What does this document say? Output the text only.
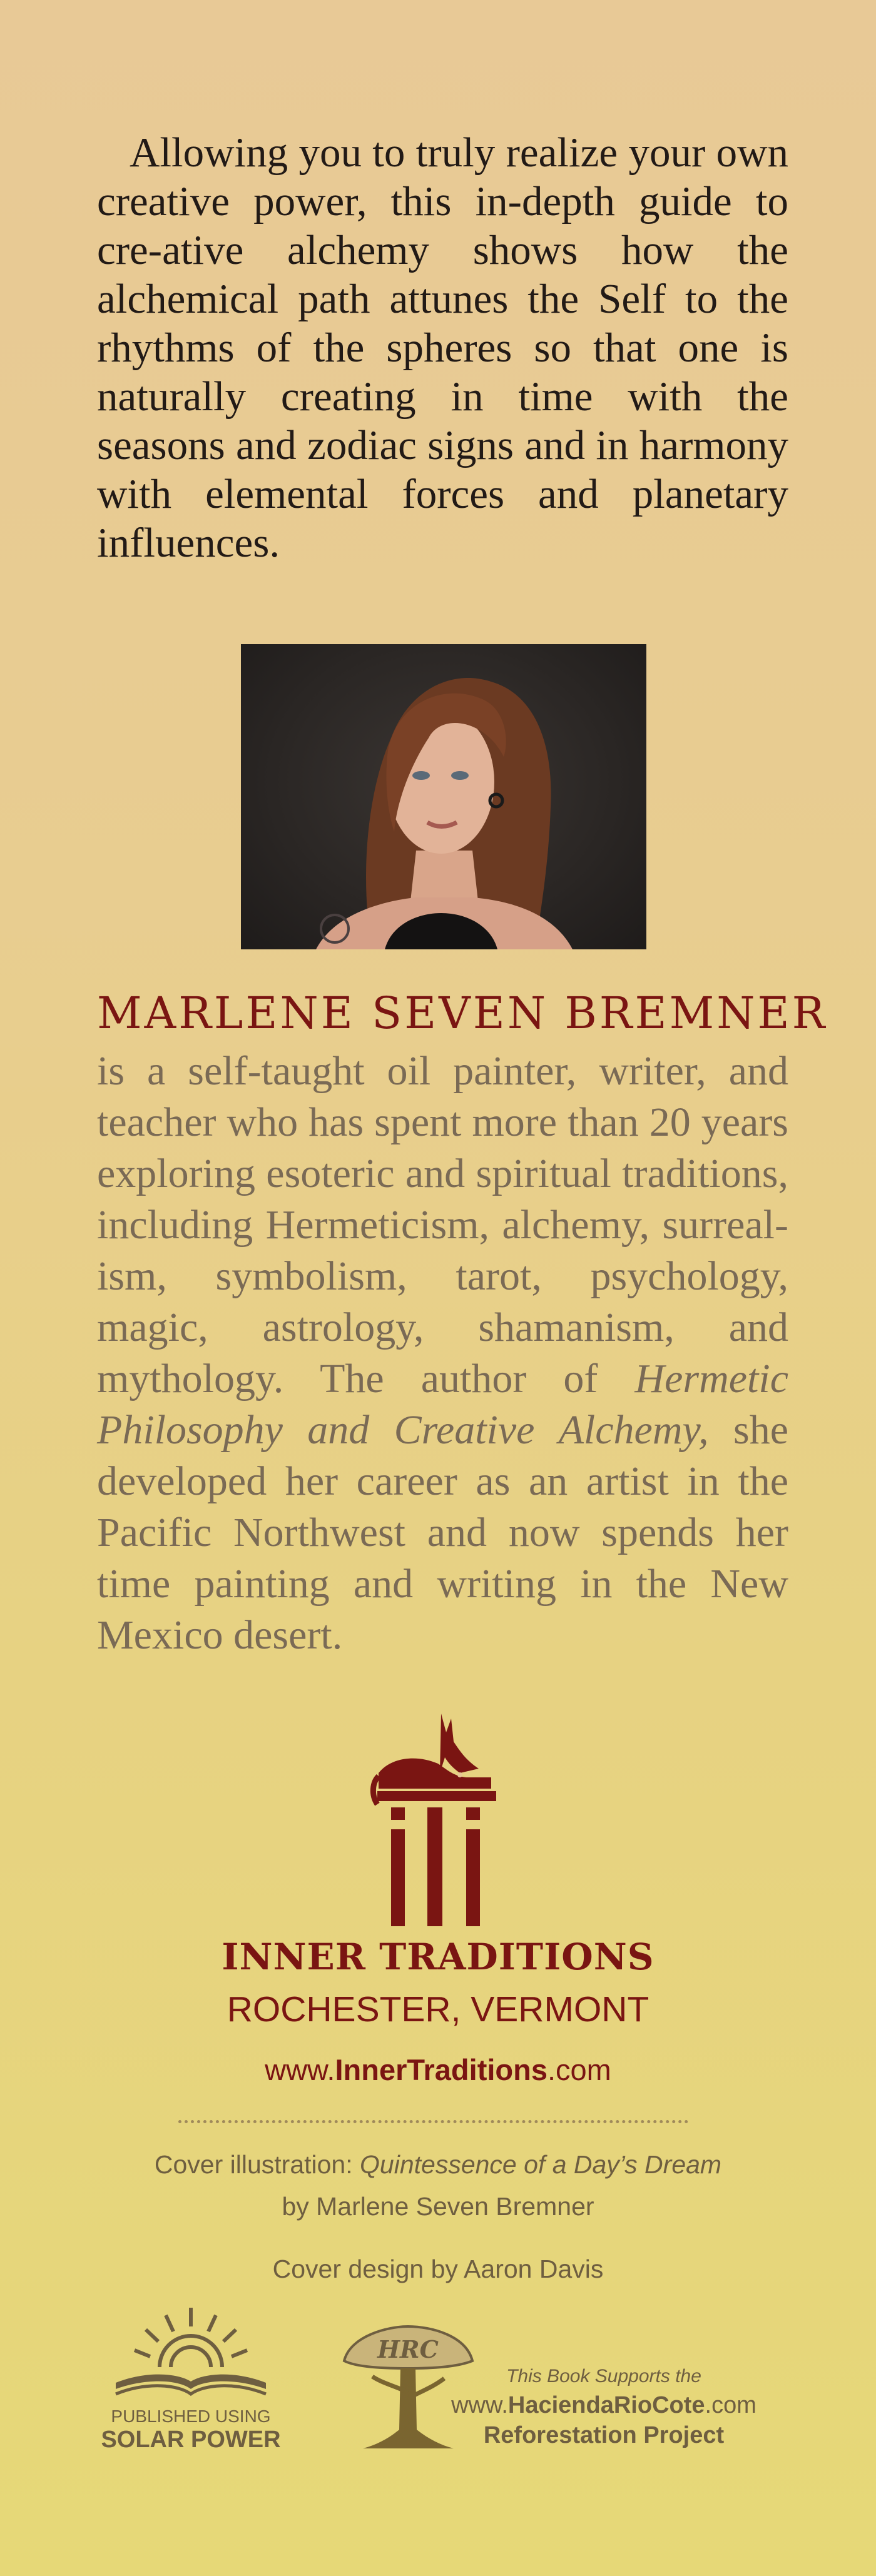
Allowing you to truly realize your own creative power, this in-depth guide to cre-ative alchemy shows how the alchemical path attunes the Self to the rhythms of the spheres so that one is naturally creating in time with the seasons and zodiac signs and in harmony with elemental forces and planetary influences.

MARLENE SEVEN BREMNER

is a self-taught oil painter, writer, and teacher who has spent more than 20 years exploring esoteric and spiritual traditions, including Hermeticism, alchemy, surreal-ism, symbolism, tarot, psychology, magic, astrology, shamanism, and mythology. The author of Hermetic Philosophy and Creative Alchemy, she developed her career as an artist in the Pacific Northwest and now spends her time painting and writing in the New Mexico desert.

INNER TRADITIONS
ROCHESTER, VERMONT
www.InnerTraditions.com
Cover illustration: Quintessence of a Day’s Dream
by Marlene Seven Bremner
Cover design by Aaron Davis
PUBLISHED USING
SOLAR POWER
HRC
This Book Supports the
www.HaciendaRioCote.com
Reforestation Project
